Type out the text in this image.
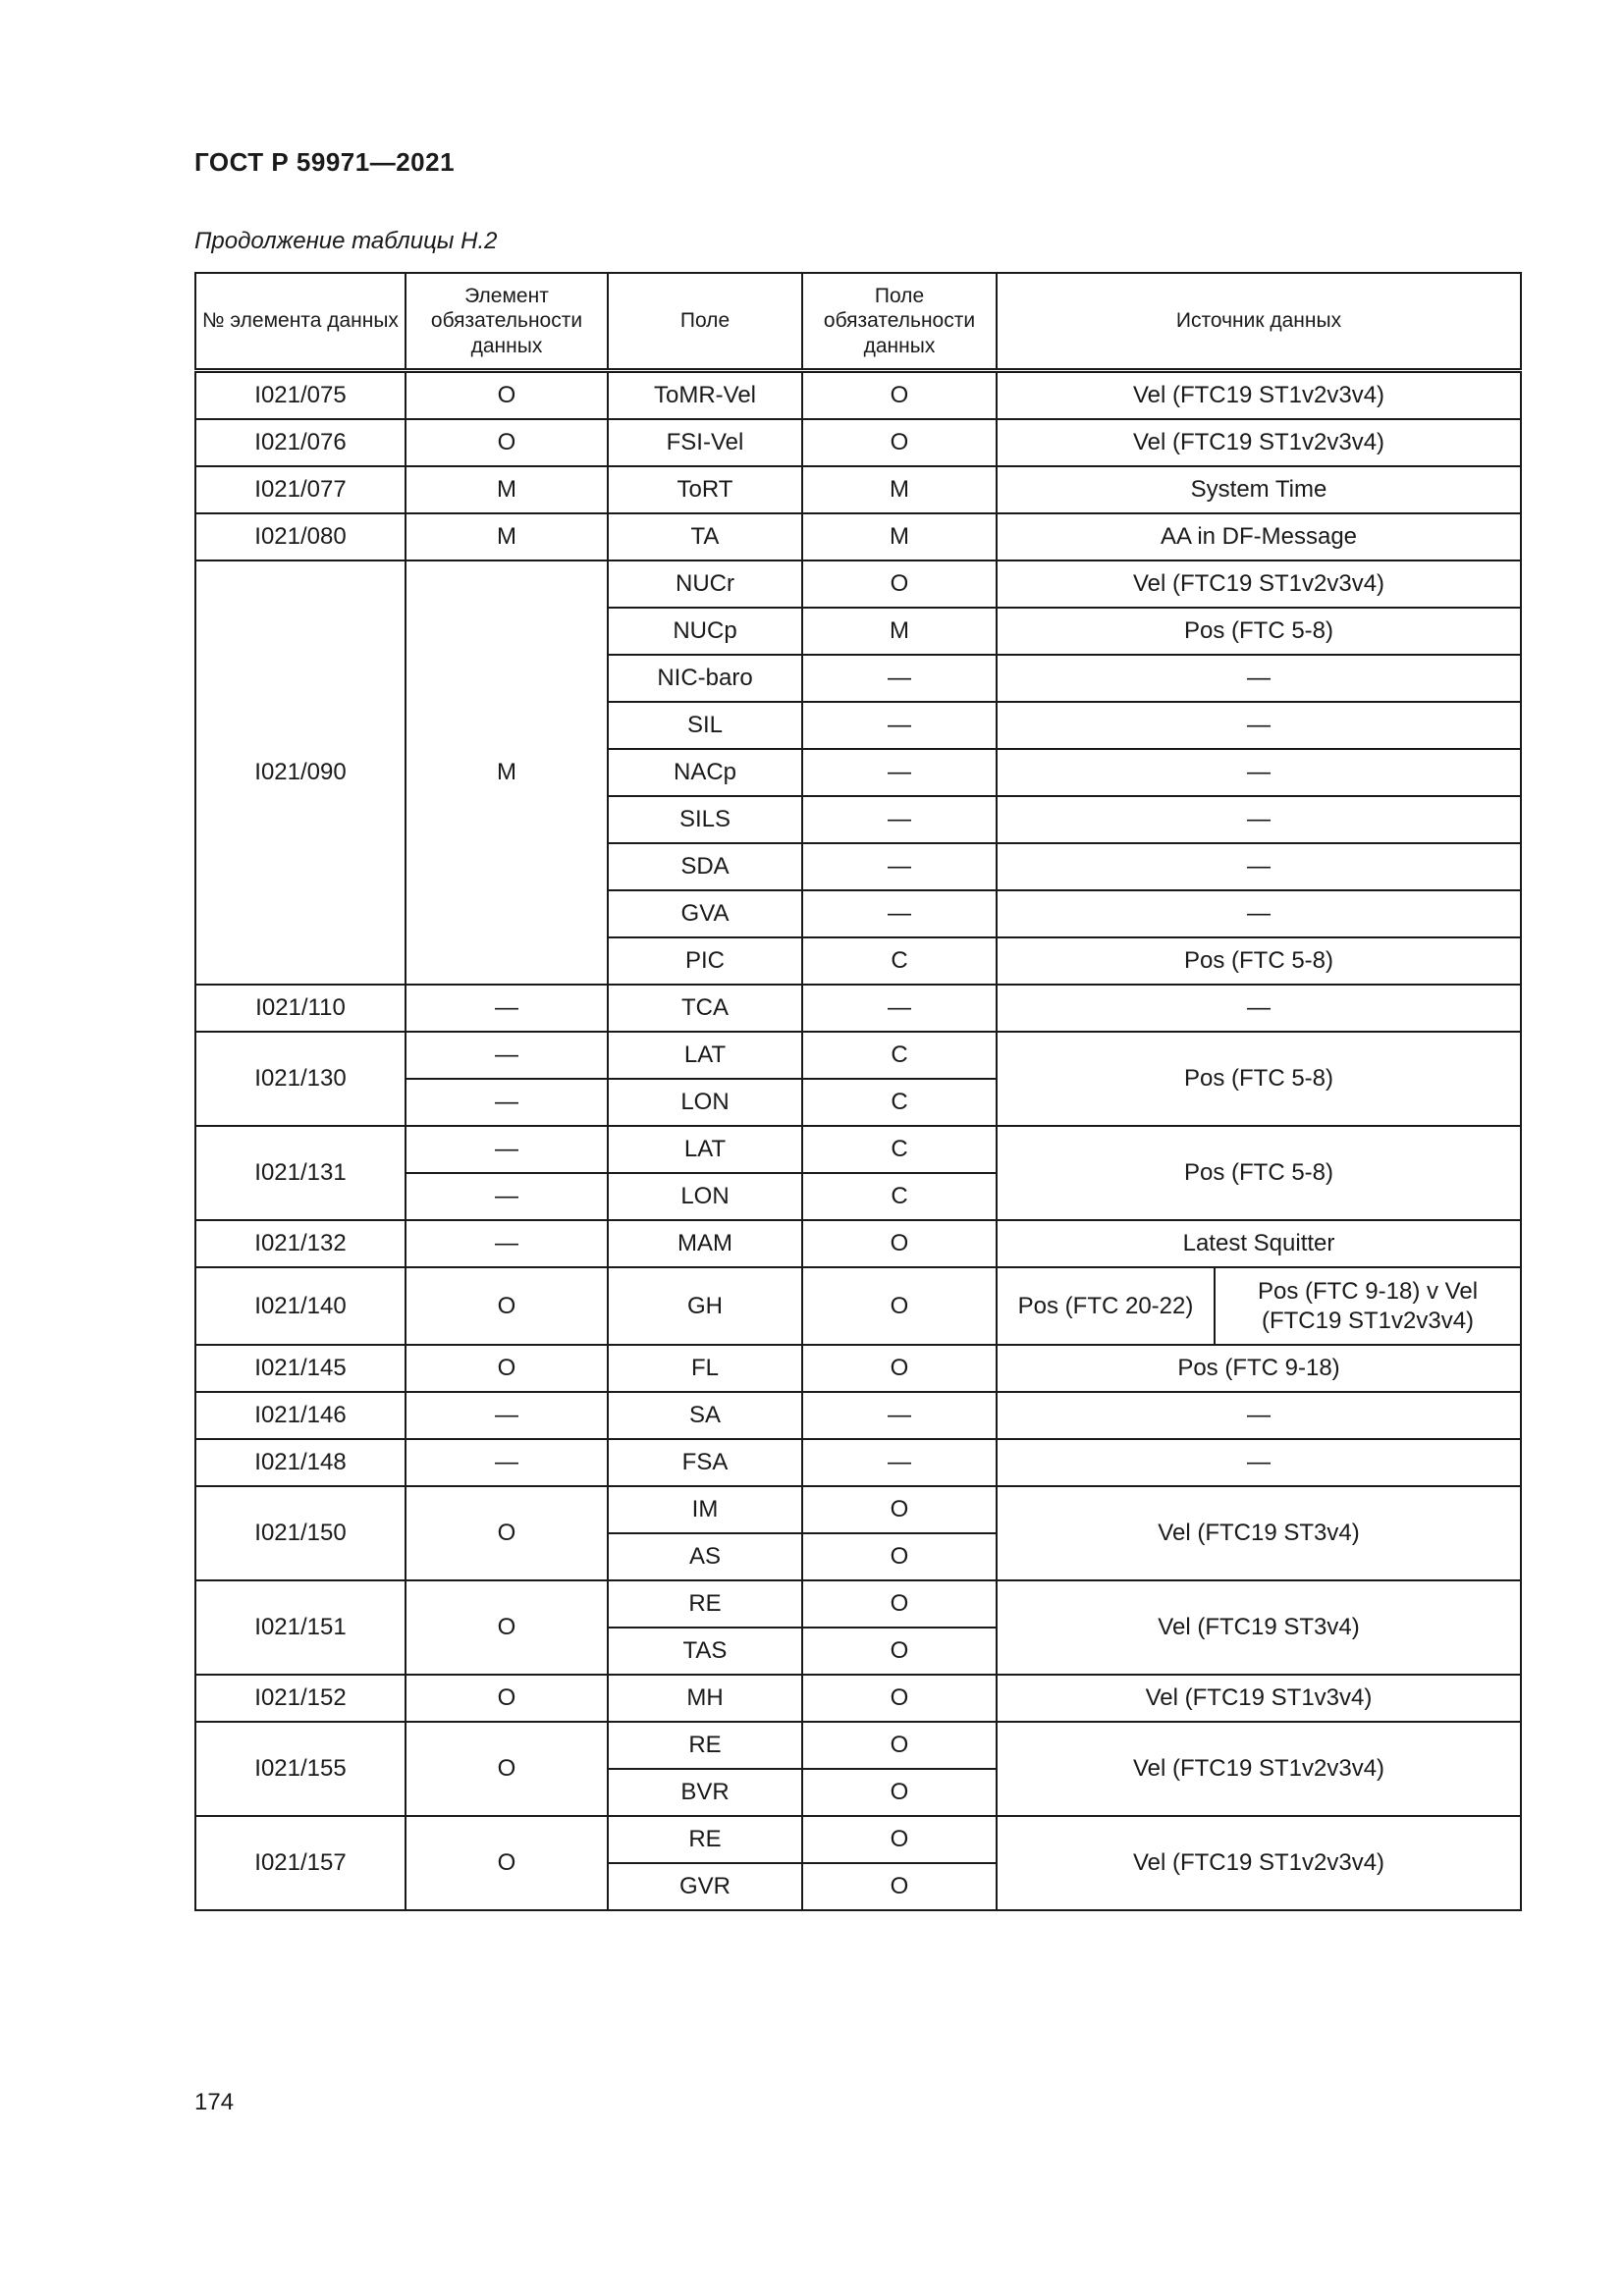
ГОСТ Р 59971—2021
Продолжение таблицы Н.2
№ элемента данных	Элемент обязательности данных	Поле	Поле обязательности данных	Источник данных	
I021/075	O	ToMR-Vel	O	Vel (FTC19 ST1v2v3v4)	
I021/076	O	FSI-Vel	O	Vel (FTC19 ST1v2v3v4)	
I021/077	M	ToRT	M	System Time	
I021/080	M	TA	M	AA in DF-Message	
I021/090	M	NUCr	O	Vel (FTC19 ST1v2v3v4)	
		NUCp	M	Pos (FTC 5-8)	
		NIC-baro	—	—	
		SIL	—	—	
		NACp	—	—	
		SILS	—	—	
		SDA	—	—	
		GVA	—	—	
		PIC	C	Pos (FTC 5-8)	
I021/110	—	TCA	—	—	
I021/130	—	LAT	C	Pos (FTC 5-8)	
	—	LON	C		
I021/131	—	LAT	C	Pos (FTC 5-8)	
	—	LON	C		
I021/132	—	MAM	O	Latest Squitter	
I021/140	O	GH	O	Pos (FTC 20-22)	Pos (FTC 9-18) v Vel (FTC19 ST1v2v3v4)
I021/145	O	FL	O	Pos (FTC 9-18)	
I021/146	—	SA	—	—	
I021/148	—	FSA	—	—	
I021/150	O	IM	O	Vel (FTC19 ST3v4)	
		AS	O		
I021/151	O	RE	O	Vel (FTC19 ST3v4)	
		TAS	O		
I021/152	O	MH	O	Vel (FTC19 ST1v3v4)	
I021/155	O	RE	O	Vel (FTC19 ST1v2v3v4)	
		BVR	O		
I021/157	O	RE	O	Vel (FTC19 ST1v2v3v4)	
		GVR	O		
174
